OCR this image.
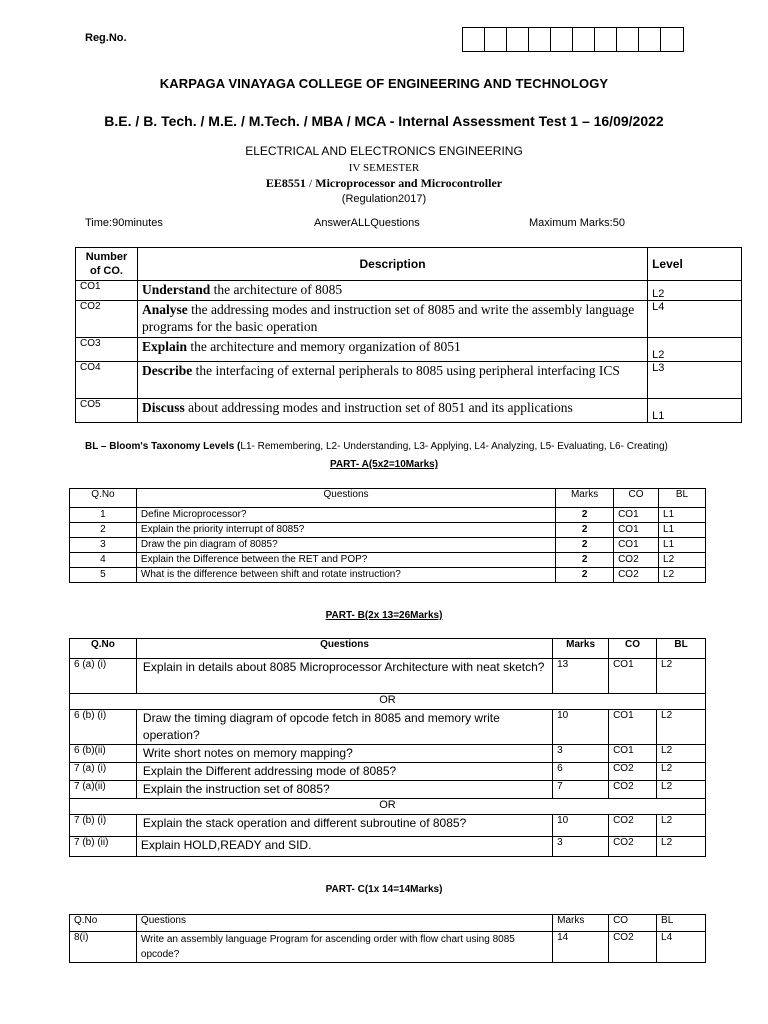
Reg.No.
KARPAGA VINAYAGA COLLEGE OF ENGINEERING AND TECHNOLOGY
B.E. / B. Tech. / M.E. / M.Tech. / MBA / MCA - Internal Assessment Test 1 – 16/09/2022
ELECTRICAL AND ELECTRONICS ENGINEERING
IV SEMESTER
EE8551 / Microprocessor and Microcontroller
(Regulation2017)
Time:90minutes	AnswerALLQuestions	Maximum Marks:50
Number
of CO.	Description	Level
CO1	Understand the architecture of 8085	L2
CO2	Analyse the addressing modes and instruction set of 8085 and write the assembly language programs for the basic operation	L4
CO3	Explain the architecture and memory organization of 8051	L2
CO4	Describe the interfacing of external peripherals to 8085 using peripheral interfacing ICS	L3
CO5	Discuss about addressing modes and instruction set of 8051 and its applications	L1
BL – Bloom's Taxonomy Levels (L1- Remembering, L2- Understanding, L3- Applying, L4- Analyzing, L5- Evaluating, L6- Creating)
PART- A(5x2=10Marks)
Q.No	Questions	Marks	CO	BL
1	Define Microprocessor?	2	CO1	L1
2	Explain the priority interrupt of 8085?	2	CO1	L1
3	Draw the pin diagram of 8085?	2	CO1	L1
4	Explain the Difference between the RET and POP?	2	CO2	L2
5	What is the difference between shift and rotate instruction?	2	CO2	L2
PART- B(2x 13=26Marks)
Q.No	Questions	Marks	CO	BL
6 (a) (i)	Explain in details about 8085 Microprocessor Architecture with neat sketch?	13	CO1	L2
OR				
6 (b) (i)	Draw the timing diagram of opcode fetch in 8085 and memory write operation?	10	CO1	L2
6 (b)(ii)	Write short notes on memory mapping?	3	CO1	L2
7 (a) (i)	Explain the Different addressing mode of 8085?	6	CO2	L2
7 (a)(ii)	Explain the instruction set of 8085?	7	CO2	L2
OR				
7 (b) (i)	Explain the stack operation and different subroutine of 8085?	10	CO2	L2
7 (b) (ii)	Explain HOLD,READY and SID.	3	CO2	L2
PART- C(1x 14=14Marks)
Q.No	Questions	Marks	CO	BL
8(i)	Write an assembly language Program for ascending order with flow chart using 8085 opcode?	14	CO2	L4
